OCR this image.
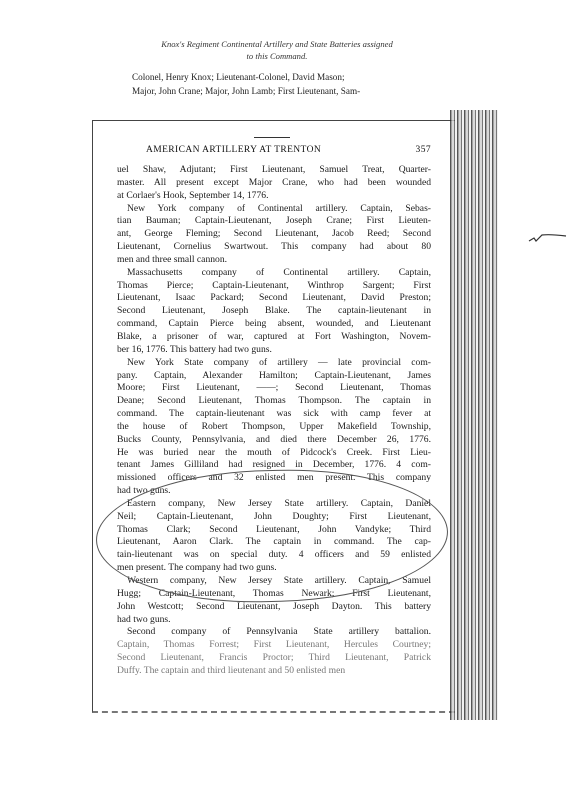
Knox's Regiment Continental Artillery and State Batteries assigned
to this Command.
Colonel, Henry Knox; Lieutenant-Colonel, David Mason;
Major, John Crane; Major, John Lamb; First Lieutenant, Sam-
AMERICAN ARTILLERY AT TRENTON	357
uel Shaw, Adjutant; First Lieutenant, Samuel Treat, Quarter-
master. All present except Major Crane, who had been wounded
at Corlaer's Hook, September 14, 1776.
New York company of Continental artillery. Captain, Sebas-
tian Bauman; Captain-Lieutenant, Joseph Crane; First Lieuten-
ant, George Fleming; Second Lieutenant, Jacob Reed; Second
Lieutenant, Cornelius Swartwout. This company had about 80
men and three small cannon.
Massachusetts company of Continental artillery. Captain,
Thomas Pierce; Captain-Lieutenant, Winthrop Sargent; First
Lieutenant, Isaac Packard; Second Lieutenant, David Preston;
Second Lieutenant, Joseph Blake. The captain-lieutenant in
command, Captain Pierce being absent, wounded, and Lieutenant
Blake, a prisoner of war, captured at Fort Washington, Novem-
ber 16, 1776. This battery had two guns.
New York State company of artillery — late provincial com-
pany. Captain, Alexander Hamilton; Captain-Lieutenant, James
Moore; First Lieutenant, ——; Second Lieutenant, Thomas
Deane; Second Lieutenant, Thomas Thompson. The captain in
command. The captain-lieutenant was sick with camp fever at
the house of Robert Thompson, Upper Makefield Township,
Bucks County, Pennsylvania, and died there December 26, 1776.
He was buried near the mouth of Pidcock's Creek. First Lieu-
tenant James Gilliland had resigned in December, 1776. 4 com-
missioned officers and 32 enlisted men present. This company
had two guns.
Eastern company, New Jersey State artillery. Captain, Daniel
Neil; Captain-Lieutenant, John Doughty; First Lieutenant,
Thomas Clark; Second Lieutenant, John Vandyke; Third
Lieutenant, Aaron Clark. The captain in command. The cap-
tain-lieutenant was on special duty. 4 officers and 59 enlisted
men present. The company had two guns.
Western company, New Jersey State artillery. Captain, Samuel
Hugg; Captain-Lieutenant, Thomas Newark; First Lieutenant,
John Westcott; Second Lieutenant, Joseph Dayton. This battery
had two guns.
Second company of Pennsylvania State artillery battalion.
Captain, Thomas Forrest; First Lieutenant, Hercules Courtney;
Second Lieutenant, Francis Proctor; Third Lieutenant, Patrick
Duffy. The captain and third lieutenant and 50 enlisted men
